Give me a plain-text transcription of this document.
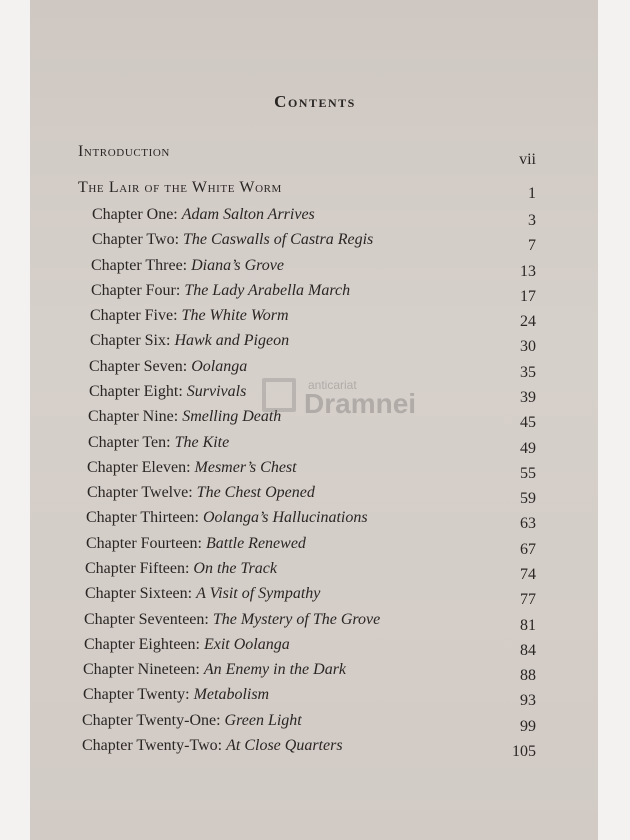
Contents
Introduction	vii
The Lair of the White Worm	1
Chapter One: Adam Salton Arrives	3
Chapter Two: The Caswalls of Castra Regis	7
Chapter Three: Diana’s Grove	13
Chapter Four: The Lady Arabella March	17
Chapter Five: The White Worm	24
Chapter Six: Hawk and Pigeon	30
Chapter Seven: Oolanga	35
Chapter Eight: Survivals	39
Chapter Nine: Smelling Death	45
Chapter Ten: The Kite	49
Chapter Eleven: Mesmer’s Chest	55
Chapter Twelve: The Chest Opened	59
Chapter Thirteen: Oolanga’s Hallucinations	63
Chapter Fourteen: Battle Renewed	67
Chapter Fifteen: On the Track	74
Chapter Sixteen: A Visit of Sympathy	77
Chapter Seventeen: The Mystery of The Grove	81
Chapter Eighteen: Exit Oolanga	84
Chapter Nineteen: An Enemy in the Dark	88
Chapter Twenty: Metabolism	93
Chapter Twenty-One: Green Light	99
Chapter Twenty-Two: At Close Quarters	105
anticariat
Dramnei
